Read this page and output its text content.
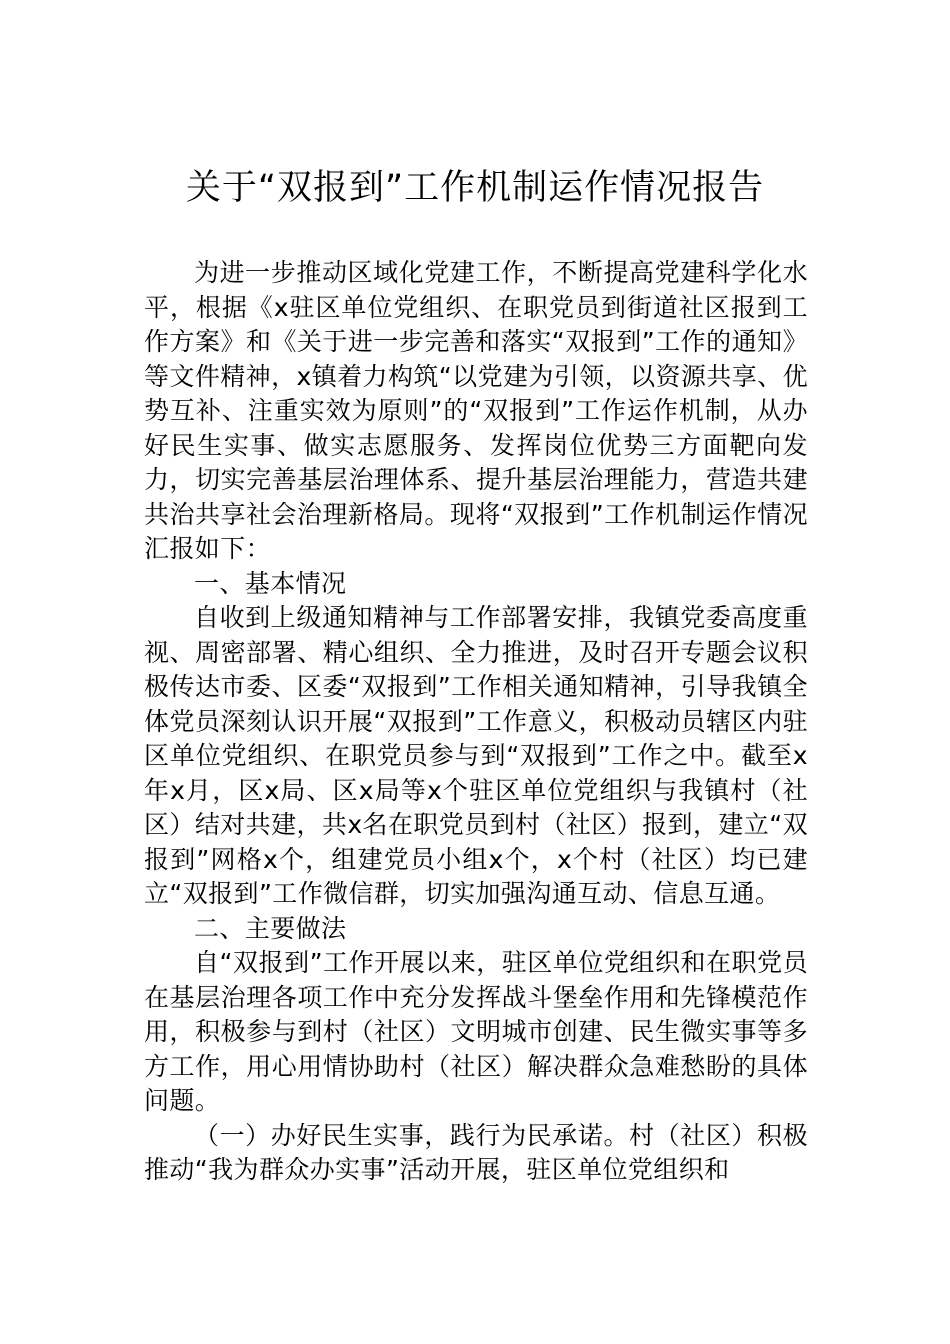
关于“双报到”工作机制运作情况报告

为进一步推动区域化党建工作，不断提高党建科学化水平，根据《x驻区单位党组织、在职党员到街道社区报到工作方案》和《关于进一步完善和落实“双报到”工作的通知》等文件精神，x镇着力构筑“以党建为引领，以资源共享、优势互补、注重实效为原则”的“双报到”工作运作机制，从办好民生实事、做实志愿服务、发挥岗位优势三方面靶向发力，切实完善基层治理体系、提升基层治理能力，营造共建共治共享社会治理新格局。现将“双报到”工作机制运作情况汇报如下：

一、基本情况

自收到上级通知精神与工作部署安排，我镇党委高度重视、周密部署、精心组织、全力推进，及时召开专题会议积极传达市委、区委“双报到”工作相关通知精神，引导我镇全体党员深刻认识开展“双报到”工作意义，积极动员辖区内驻区单位党组织、在职党员参与到“双报到”工作之中。截至x年x月，区x局、区x局等x个驻区单位党组织与我镇村（社区）结对共建，共x名在职党员到村（社区）报到，建立“双报到”网格x个，组建党员小组x个，x个村（社区）均已建立“双报到”工作微信群，切实加强沟通互动、信息互通。

二、主要做法

自“双报到”工作开展以来，驻区单位党组织和在职党员在基层治理各项工作中充分发挥战斗堡垒作用和先锋模范作用，积极参与到村（社区）文明城市创建、民生微实事等多方工作，用心用情协助村（社区）解决群众急难愁盼的具体问题。

（一）办好民生实事，践行为民承诺。村（社区）积极推动“我为群众办实事”活动开展，驻区单位党组织和
